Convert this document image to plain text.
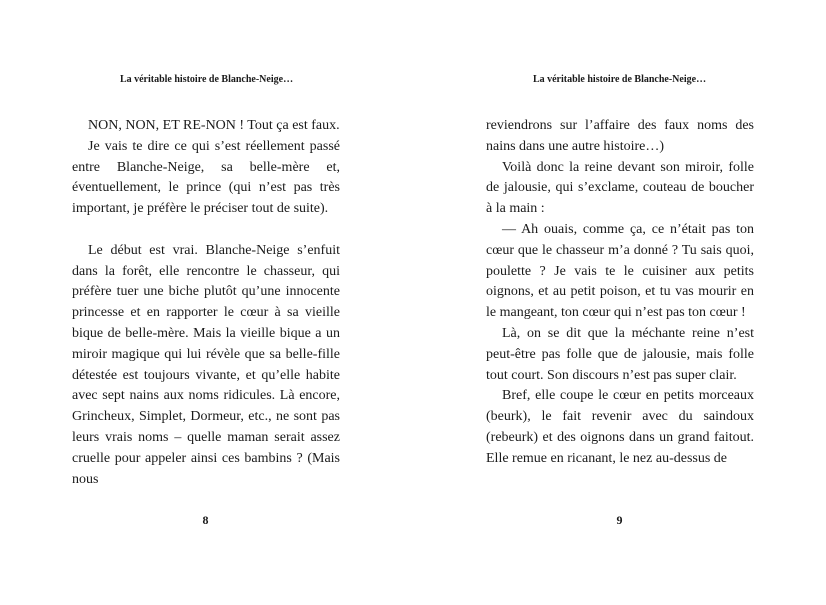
La véritable histoire de Blanche-Neige…

NON, NON, ET RE-NON ! Tout ça est faux.

Je vais te dire ce qui s’est réellement passé entre Blanche-Neige, sa belle-mère et, éventuellement, le prince (qui n’est pas très important, je préfère le préciser tout de suite).

Le début est vrai. Blanche-Neige s’enfuit dans la forêt, elle rencontre le chasseur, qui préfère tuer une biche plutôt qu’une innocente princesse et en rapporter le cœur à sa vieille bique de belle-mère. Mais la vieille bique a un miroir magique qui lui révèle que sa belle-fille détestée est toujours vivante, et qu’elle habite avec sept nains aux noms ridicules. Là encore, Grincheux, Simplet, Dormeur, etc., ne sont pas leurs vrais noms – quelle maman serait assez cruelle pour appeler ainsi ces bambins ? (Mais nous

8
La véritable histoire de Blanche-Neige…

reviendrons sur l’affaire des faux noms des nains dans une autre histoire…)

Voilà donc la reine devant son miroir, folle de jalousie, qui s’exclame, couteau de boucher à la main :

— Ah ouais, comme ça, ce n’était pas ton cœur que le chasseur m’a donné ? Tu sais quoi, poulette ? Je vais te le cuisiner aux petits oignons, et au petit poison, et tu vas mourir en le mangeant, ton cœur qui n’est pas ton cœur !

Là, on se dit que la méchante reine n’est peut-être pas folle que de jalousie, mais folle tout court. Son discours n’est pas super clair.

Bref, elle coupe le cœur en petits morceaux (beurk), le fait revenir avec du saindoux (rebeurk) et des oignons dans un grand faitout. Elle remue en ricanant, le nez au-dessus de

9
